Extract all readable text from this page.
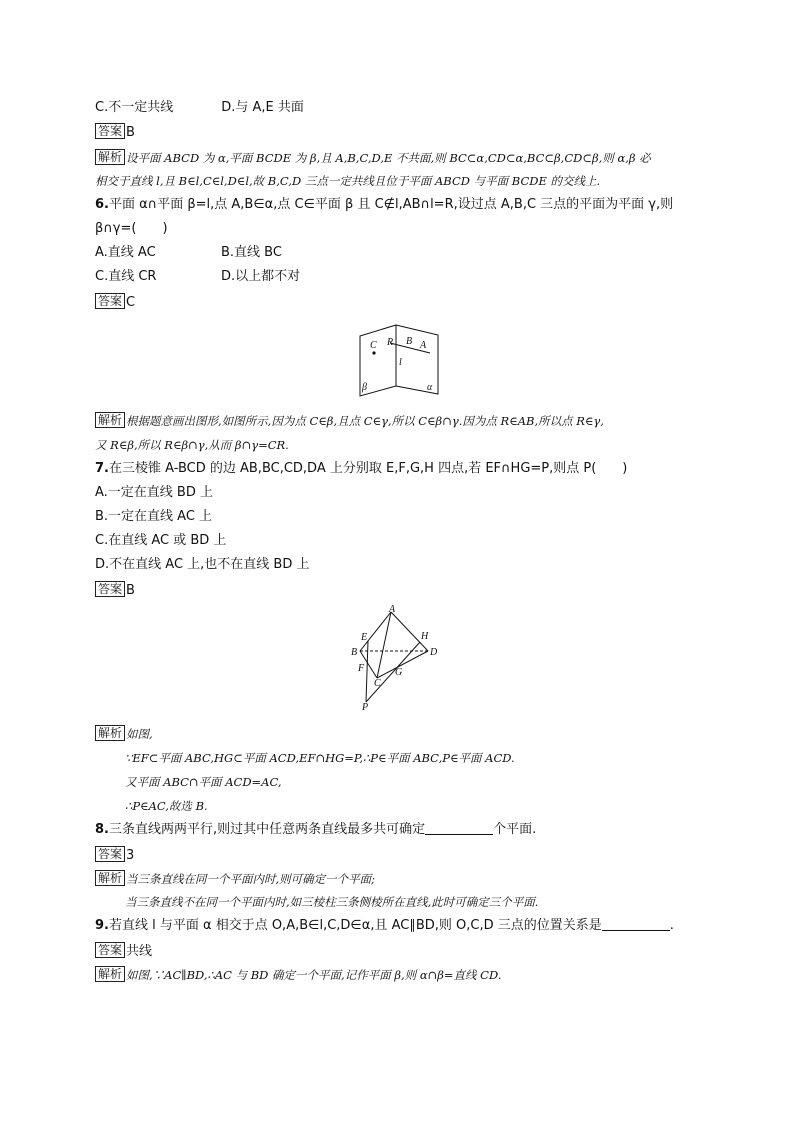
C.不一定共线	D.与 A,E 共面
答案 B
解析 设平面 ABCD 为 α,平面 BCDE 为 β,且 A,B,C,D,E 不共面,则 BC⊂α,CD⊂α,BC⊂β,CD⊂β,则 α,β 必
相交于直线 l,且 B∈l,C∈l,D∈l,故 B,C,D 三点一定共线且位于平面 ABCD 与平面 BCDE 的交线上.
6.平面 α∩平面 β=l,点 A,B∈α,点 C∈平面 β 且 C∉l,AB∩l=R,设过点 A,B,C 三点的平面为平面 γ,则
β∩γ=(　　)
A.直线 AC	B.直线 BC
C.直线 CR	D.以上都不对
答案 C
C R B A
l
β	α
解析 根据题意画出图形,如图所示,因为点 C∈β,且点 C∈γ,所以 C∈β∩γ.因为点 R∈AB,所以点 R∈γ,
又 R∈β,所以 R∈β∩γ,从而 β∩γ=CR.
7.在三棱锥 A-BCD 的边 AB,BC,CD,DA 上分别取 E,F,G,H 四点,若 EF∩HG=P,则点 P(　　)
A.一定在直线 BD 上
B.一定在直线 AC 上
C.在直线 AC 或 BD 上
D.不在直线 AC 上,也不在直线 BD 上
答案 B
A
E	H
B	D
F	G
C
P
解析 如图,
∵EF⊂平面 ABC,HG⊂平面 ACD,EF∩HG=P,∴P∈平面 ABC,P∈平面 ACD.
又平面 ABC∩平面 ACD=AC,
∴P∈AC,故选 B.
8.三条直线两两平行,则过其中任意两条直线最多共可确定	个平面.
答案 3
解析 当三条直线在同一个平面内时,则可确定一个平面;
当三条直线不在同一个平面内时,如三棱柱三条侧棱所在直线,此时可确定三个平面.
9.若直线 l 与平面 α 相交于点 O,A,B∈l,C,D∈α,且 AC∥BD,则 O,C,D 三点的位置关系是	.
答案 共线
解析 如图,∵AC∥BD,∴AC 与 BD 确定一个平面,记作平面 β,则 α∩β=直线 CD.
